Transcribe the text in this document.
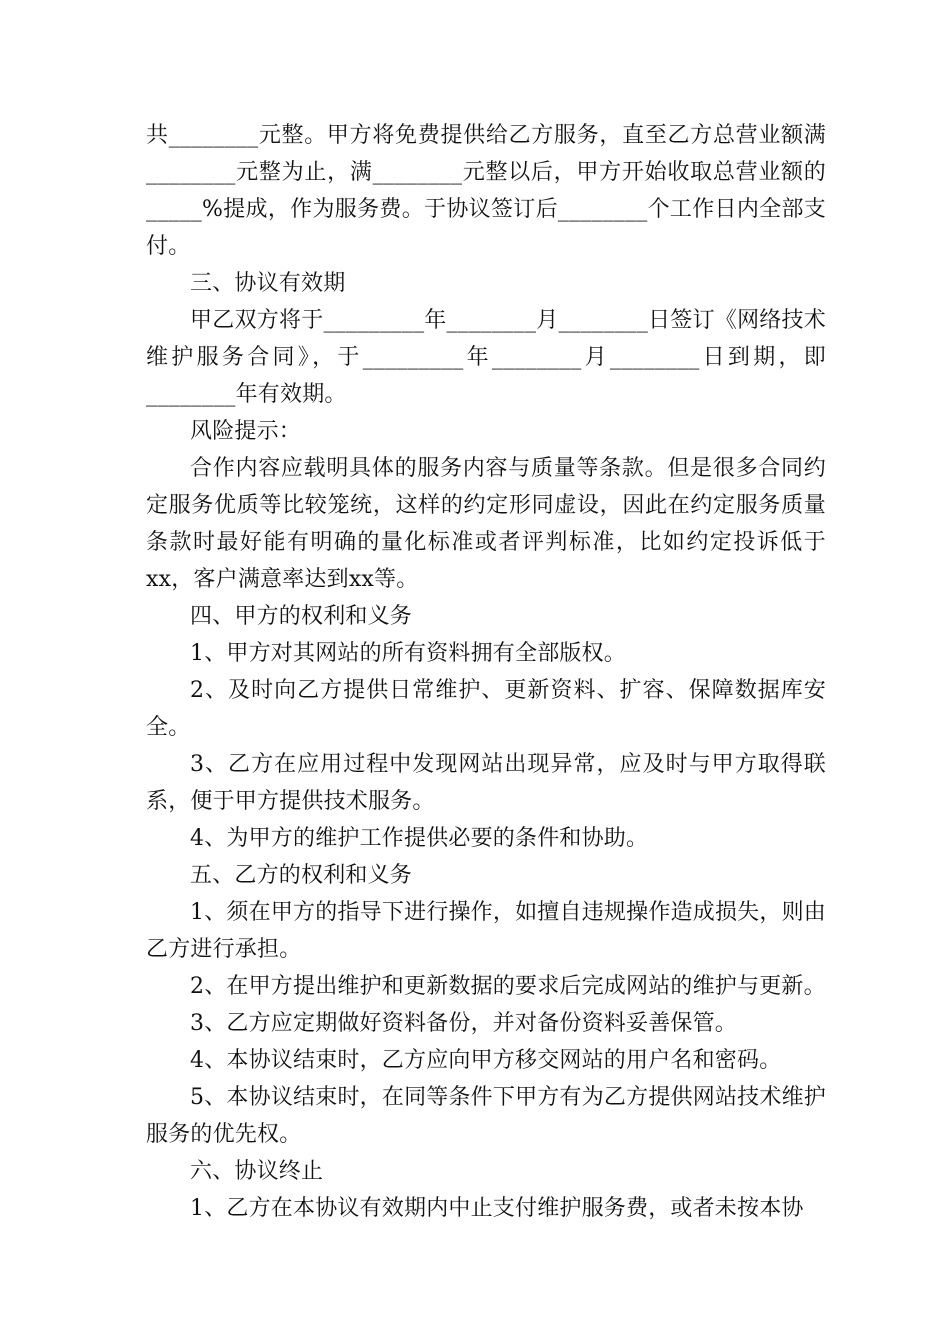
共________元整。甲方将免费提供给乙方服务，直至乙方总营业额满________元整为止，满________元整以后，甲方开始收取总营业额的_____%提成，作为服务费。于协议签订后________个工作日内全部支付。

三、协议有效期

甲乙双方将于_________年________月________日签订《网络技术维护服务合同》，于_________年________月________日到期，即________年有效期。

风险提示：

合作内容应载明具体的服务内容与质量等条款。但是很多合同约定服务优质等比较笼统，这样的约定形同虚设，因此在约定服务质量条款时最好能有明确的量化标准或者评判标准，比如约定投诉低于xx，客户满意率达到xx等。

四、甲方的权利和义务

1、甲方对其网站的所有资料拥有全部版权。

2、及时向乙方提供日常维护、更新资料、扩容、保障数据库安全。

3、乙方在应用过程中发现网站出现异常，应及时与甲方取得联系，便于甲方提供技术服务。

4、为甲方的维护工作提供必要的条件和协助。

五、乙方的权利和义务

1、须在甲方的指导下进行操作，如擅自违规操作造成损失，则由乙方进行承担。

2、在甲方提出维护和更新数据的要求后完成网站的维护与更新。

3、乙方应定期做好资料备份，并对备份资料妥善保管。

4、本协议结束时，乙方应向甲方移交网站的用户名和密码。

5、本协议结束时，在同等条件下甲方有为乙方提供网站技术维护服务的优先权。

六、协议终止

1、乙方在本协议有效期内中止支付维护服务费，或者未按本协
